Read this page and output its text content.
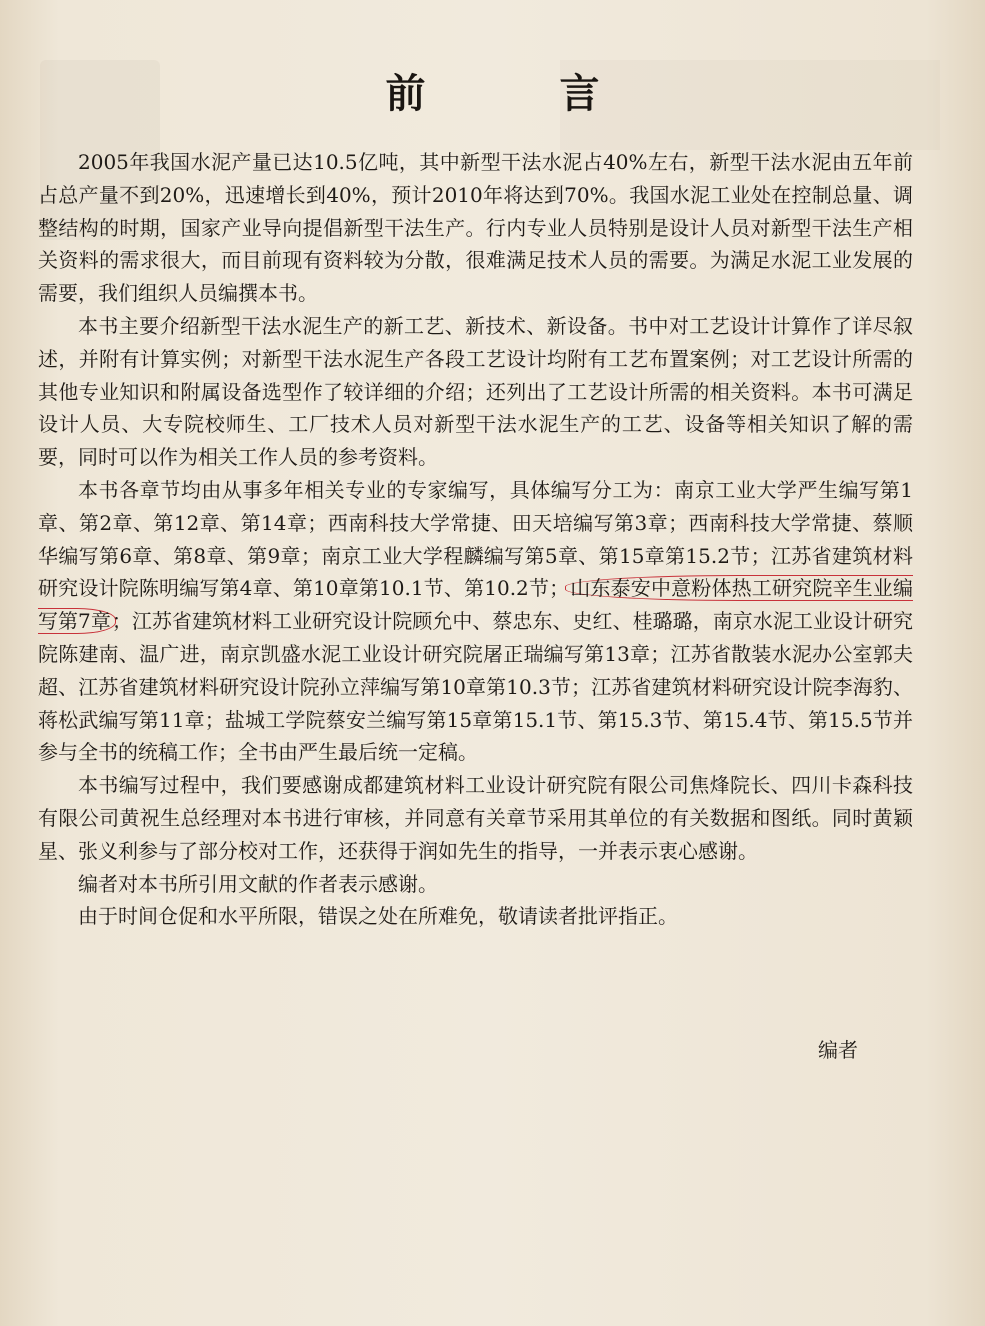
前 言

2005年我国水泥产量已达10.5亿吨，其中新型干法水泥占40%左右，新型干法水泥由五年前占总产量不到20%，迅速增长到40%，预计2010年将达到70%。我国水泥工业处在控制总量、调整结构的时期，国家产业导向提倡新型干法生产。行内专业人员特别是设计人员对新型干法生产相关资料的需求很大，而目前现有资料较为分散，很难满足技术人员的需要。为满足水泥工业发展的需要，我们组织人员编撰本书。

本书主要介绍新型干法水泥生产的新工艺、新技术、新设备。书中对工艺设计计算作了详尽叙述，并附有计算实例；对新型干法水泥生产各段工艺设计均附有工艺布置案例；对工艺设计所需的其他专业知识和附属设备选型作了较详细的介绍；还列出了工艺设计所需的相关资料。本书可满足设计人员、大专院校师生、工厂技术人员对新型干法水泥生产的工艺、设备等相关知识了解的需要，同时可以作为相关工作人员的参考资料。

本书各章节均由从事多年相关专业的专家编写，具体编写分工为：南京工业大学严生编写第1章、第2章、第12章、第14章；西南科技大学常捷、田天培编写第3章；西南科技大学常捷、蔡顺华编写第6章、第8章、第9章；南京工业大学程麟编写第5章、第15章第15.2节；江苏省建筑材料研究设计院陈明编写第4章、第10章第10.1节、第10.2节；山东泰安中意粉体热工研究院辛生业编写第7章；江苏省建筑材料工业研究设计院顾允中、蔡忠东、史红、桂璐璐，南京水泥工业设计研究院陈建南、温广进，南京凯盛水泥工业设计研究院屠正瑞编写第13章；江苏省散装水泥办公室郭夫超、江苏省建筑材料研究设计院孙立萍编写第10章第10.3节；江苏省建筑材料研究设计院李海豹、蒋松武编写第11章；盐城工学院蔡安兰编写第15章第15.1节、第15.3节、第15.4节、第15.5节并参与全书的统稿工作；全书由严生最后统一定稿。

本书编写过程中，我们要感谢成都建筑材料工业设计研究院有限公司焦烽院长、四川卡森科技有限公司黄祝生总经理对本书进行审核，并同意有关章节采用其单位的有关数据和图纸。同时黄颖星、张义利参与了部分校对工作，还获得于润如先生的指导，一并表示衷心感谢。

编者对本书所引用文献的作者表示感谢。

由于时间仓促和水平所限，错误之处在所难免，敬请读者批评指正。

编者
